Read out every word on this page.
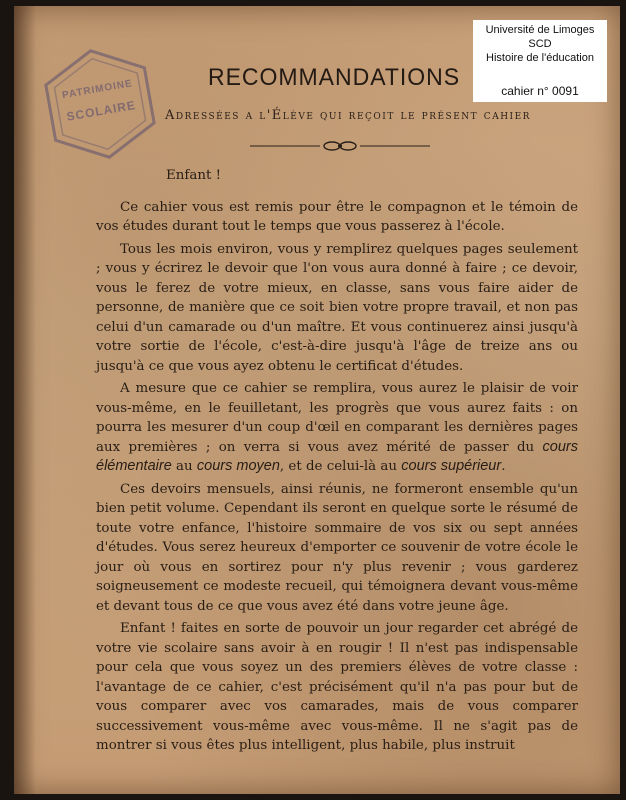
PATRIMOINE
SCOLAIRE
RECOMMANDATIONS
Adressées a l'Élève qui reçoit le présent cahier

Enfant !

Ce cahier vous est remis pour être le compagnon et le témoin de vos études durant tout le temps que vous passerez à l'école.

Tous les mois environ, vous y remplirez quelques pages seulement ; vous y écrirez le devoir que l'on vous aura donné à faire ; ce devoir, vous le ferez de votre mieux, en classe, sans vous faire aider de personne, de manière que ce soit bien votre propre travail, et non pas celui d'un camarade ou d'un maître. Et vous continuerez ainsi jusqu'à votre sortie de l'école, c'est-à-dire jusqu'à l'âge de treize ans ou jusqu'à ce que vous ayez obtenu le certificat d'études.

A mesure que ce cahier se remplira, vous aurez le plaisir de voir vous-même, en le feuilletant, les progrès que vous aurez faits : on pourra les mesurer d'un coup d'œil en comparant les dernières pages aux premières ; on verra si vous avez mérité de passer du cours élémentaire au cours moyen, et de celui-là au cours supérieur.

Ces devoirs mensuels, ainsi réunis, ne formeront ensemble qu'un bien petit volume. Cependant ils seront en quelque sorte le résumé de toute votre enfance, l'histoire sommaire de vos six ou sept années d'études. Vous serez heureux d'emporter ce souvenir de votre école le jour où vous en sortirez pour n'y plus revenir ; vous garderez soigneusement ce modeste recueil, qui témoignera devant vous-même et devant tous de ce que vous avez été dans votre jeune âge.

Enfant ! faites en sorte de pouvoir un jour regarder cet abrégé de votre vie scolaire sans avoir à en rougir ! Il n'est pas indispensable pour cela que vous soyez un des premiers élèves de votre classe : l'avantage de ce cahier, c'est précisément qu'il n'a pas pour but de vous comparer avec vos camarades, mais de vous comparer successivement vous-même avec vous-même. Il ne s'agit pas de montrer si vous êtes plus intelligent, plus habile, plus instruit

Université de Limoges
SCD
Histoire de l'éducation
cahier n° 0091
